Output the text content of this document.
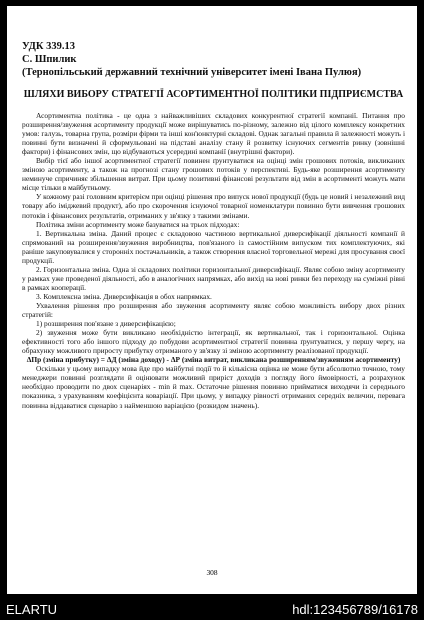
УДК 339.13
С. Шпилик
(Тернопільський державний технічний університет імені Івана Пулюя)
ШЛЯХИ ВИБОРУ СТРАТЕГІЇ АСОРТИМЕНТНОЇ ПОЛІТИКИ ПІДПРИЄМСТВА

Асортиментна політика - це одна з найважливіших складових конкурентної стратегії компанії. Питання про розширення/звуження асортименту продукції може вирішуватись по-різному, залежно від цілого комплексу конкретних умов: галузь, товарна група, розміри фірми та інші кон'юнктурні складові. Однак загальні правила й залежності можуть і повинні бути визначені й сформульовані на підставі аналізу стану й розвитку існуючих сегментів ринку (зовнішні фактори) і фінансових змін, що відбуваються усередині компанії (внутрішні фактори).

Вибір тієї або іншої асортиментної стратегії повинен ґрунтуватися на оцінці змін грошових потоків, викликаних зміною асортименту, а також на прогнозі стану грошових потоків у перспективі. Будь-яке розширення асортименту неминуче спричиняє збільшення витрат. При цьому позитивні фінансові результати від змін в асортименті можуть мати місце тільки в майбутньому.

У кожному разі головним критерієм при оцінці рішення про випуск нової продукції (будь це новий і незалежний вид товару або іміджевий продукт), або про скорочення існуючої товарної номенклатури повинно бути вивчення грошових потоків і фінансових результатів, отриманих у зв'язку з такими змінами.

Політика зміни асортименту може базуватися на трьох підходах:

1. Вертикальна зміна. Даний процес є складовою частиною вертикальної диверсифікації діяльності компанії й спрямований на розширення/звуження виробництва, пов'язаного із самостійним випуском тих комплектуючих, які раніше закуповувалися у сторонніх постачальників, а також створення власної торговельної мережі для просування своєї продукції.

2. Горизонтальна зміна. Одна зі складових політики горизонтальної диверсифікації. Являє собою зміну асортименту у рамках уже проведеної діяльності, або в аналогічних напрямках, або вихід на нові ринки без переходу на суміжні рівні в рамках кооперації.

3. Комплексна зміна. Диверсифікація в обох напрямках.

Ухвалення рішення про розширення або звуження асортименту являє собою можливість вибору двох різних стратегій:

1) розширення пов'язане з диверсифікацією;

2) звуження може бути викликано необхідністю інтеграції, як вертикальної, так і горизонтальної. Оцінка ефективності того або іншого підходу до побудови асортиментної стратегії повинна ґрунтуватися, у першу чергу, на обрахунку можливого приросту прибутку отриманого у зв'язку зі зміною асортименту реалізованої продукції.

ΔПр (зміна прибутку) = ΔД (зміна доходу) - ΔР (зміна витрат, викликана розширенням/звуженням асортименту)

Оскільки у цьому випадку мова йде про майбутні події то й кількісна оцінка не може бути абсолютно точною, тому менеджери повинні розглядати й оцінювати можливий приріст доходів з погляду його ймовірності, а розрахунок необхідно проводити по двох сценаріях - min й max. Остаточне рішення повинно прийматися виходячи із середнього показника, з урахуванням коефіцієнта коваріації. При цьому, у випадку рівності отриманих середніх величин, перевага повинна віддаватися сценарію з найменшою варіацією (розкидом значень).

308
ELARTU	hdl:123456789/16178
